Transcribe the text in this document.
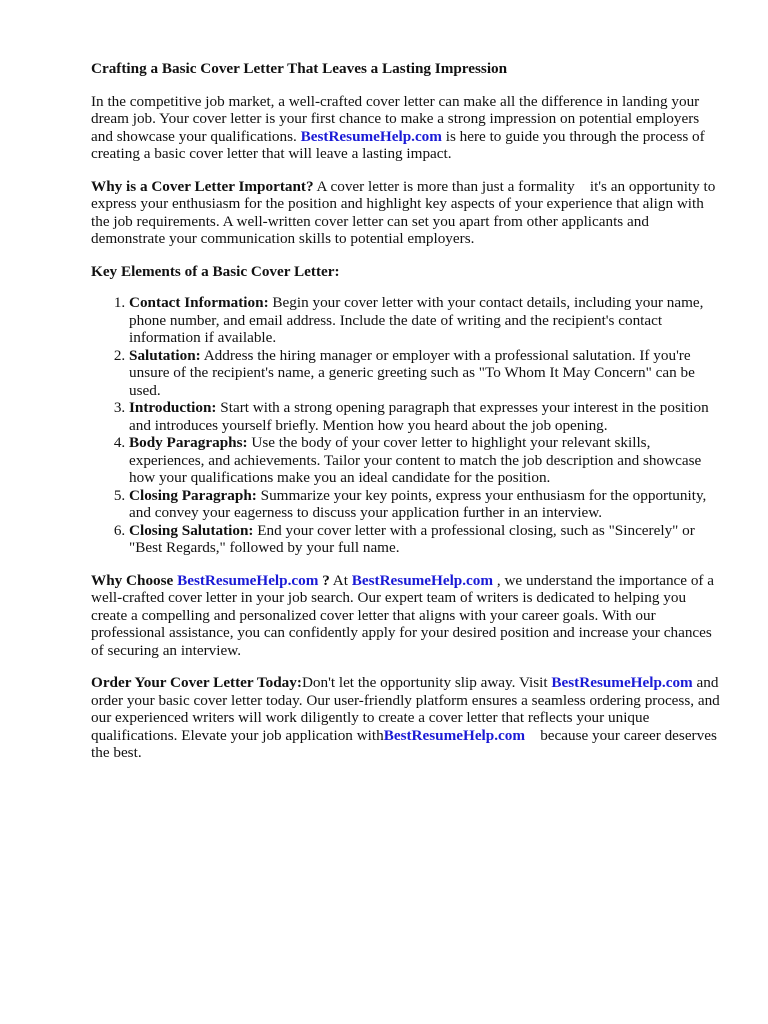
Crafting a Basic Cover Letter That Leaves a Lasting Impression

In the competitive job market, a well-crafted cover letter can make all the difference in landing your dream job. Your cover letter is your first chance to make a strong impression on potential employers and showcase your qualifications. BestResumeHelp.com is here to guide you through the process of creating a basic cover letter that will leave a lasting impact.

Why is a Cover Letter Important? A cover letter is more than just a formality    it's an opportunity to express your enthusiasm for the position and highlight key aspects of your experience that align with the job requirements. A well-written cover letter can set you apart from other applicants and demonstrate your communication skills to potential employers.

Key Elements of a Basic Cover Letter:
1. Contact Information: Begin your cover letter with your contact details, including your name, phone number, and email address. Include the date of writing and the recipient's contact information if available.
2. Salutation: Address the hiring manager or employer with a professional salutation. If you're unsure of the recipient's name, a generic greeting such as "To Whom It May Concern" can be used.
3. Introduction: Start with a strong opening paragraph that expresses your interest in the position and introduces yourself briefly. Mention how you heard about the job opening.
4. Body Paragraphs: Use the body of your cover letter to highlight your relevant skills, experiences, and achievements. Tailor your content to match the job description and showcase how your qualifications make you an ideal candidate for the position.
5. Closing Paragraph: Summarize your key points, express your enthusiasm for the opportunity, and convey your eagerness to discuss your application further in an interview.
6. Closing Salutation: End your cover letter with a professional closing, such as "Sincerely" or "Best Regards," followed by your full name.

Why Choose BestResumeHelp.com ? At BestResumeHelp.com , we understand the importance of a well-crafted cover letter in your job search. Our expert team of writers is dedicated to helping you create a compelling and personalized cover letter that aligns with your career goals. With our professional assistance, you can confidently apply for your desired position and increase your chances of securing an interview.

Order Your Cover Letter Today:Don't let the opportunity slip away. Visit BestResumeHelp.com and order your basic cover letter today. Our user-friendly platform ensures a seamless ordering process, and our experienced writers will work diligently to create a cover letter that reflects your unique qualifications. Elevate your job application withBestResumeHelp.com    because your career deserves the best.
